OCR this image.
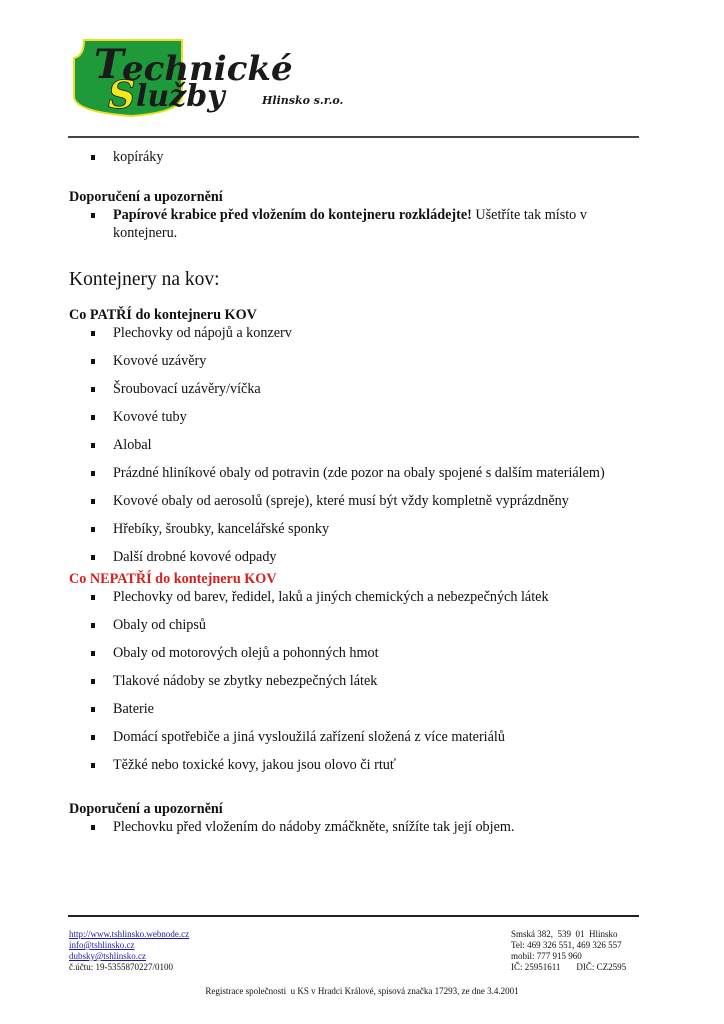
T
echnické
S lužby	Hlinsko s.r.o.
kopíráky
Doporučení a upozornění
Papírové krabice před vložením do kontejneru rozkládejte! Ušetříte tak místo v kontejneru.
Kontejnery na kov:
Co PATŘÍ do kontejneru KOV
Plechovky od nápojů a konzerv
Kovové uzávěry
Šroubovací uzávěry/víčka
Kovové tuby
Alobal
Prázdné hliníkové obaly od potravin (zde pozor na obaly spojené s dalším materiálem)
Kovové obaly od aerosolů (spreje), které musí být vždy kompletně vyprázdněny
Hřebíky, šroubky, kancelářské sponky
Další drobné kovové odpady
Co NEPATŘÍ do kontejneru KOV
Plechovky od barev, ředidel, laků a jiných chemických a nebezpečných látek
Obaly od chipsů
Obaly od motorových olejů a pohonných hmot
Tlakové nádoby se zbytky nebezpečných látek
Baterie
Domácí spotřebiče a jiná vysloužilá zařízení složená z více materiálů
Těžké nebo toxické kovy, jakou jsou olovo či rtuť
Doporučení a upozornění
Plechovku před vložením do nádoby zmáčkněte, snížíte tak její objem.
http://www.tshlinsko.webnode.cz
info@tshlinsko.cz
dubsky@tshlinsko.cz
č.účtu: 19-5355870227/0100
Smská 382,  539  01  Hlinsko
Tel: 469 326 551, 469 326 557
mobil: 777 915 960
IČ: 25951611 DIČ: CZ2595
Registrace společnosti  u KS v Hradci Králové, spisová značka 17293, ze dne 3.4.2001
